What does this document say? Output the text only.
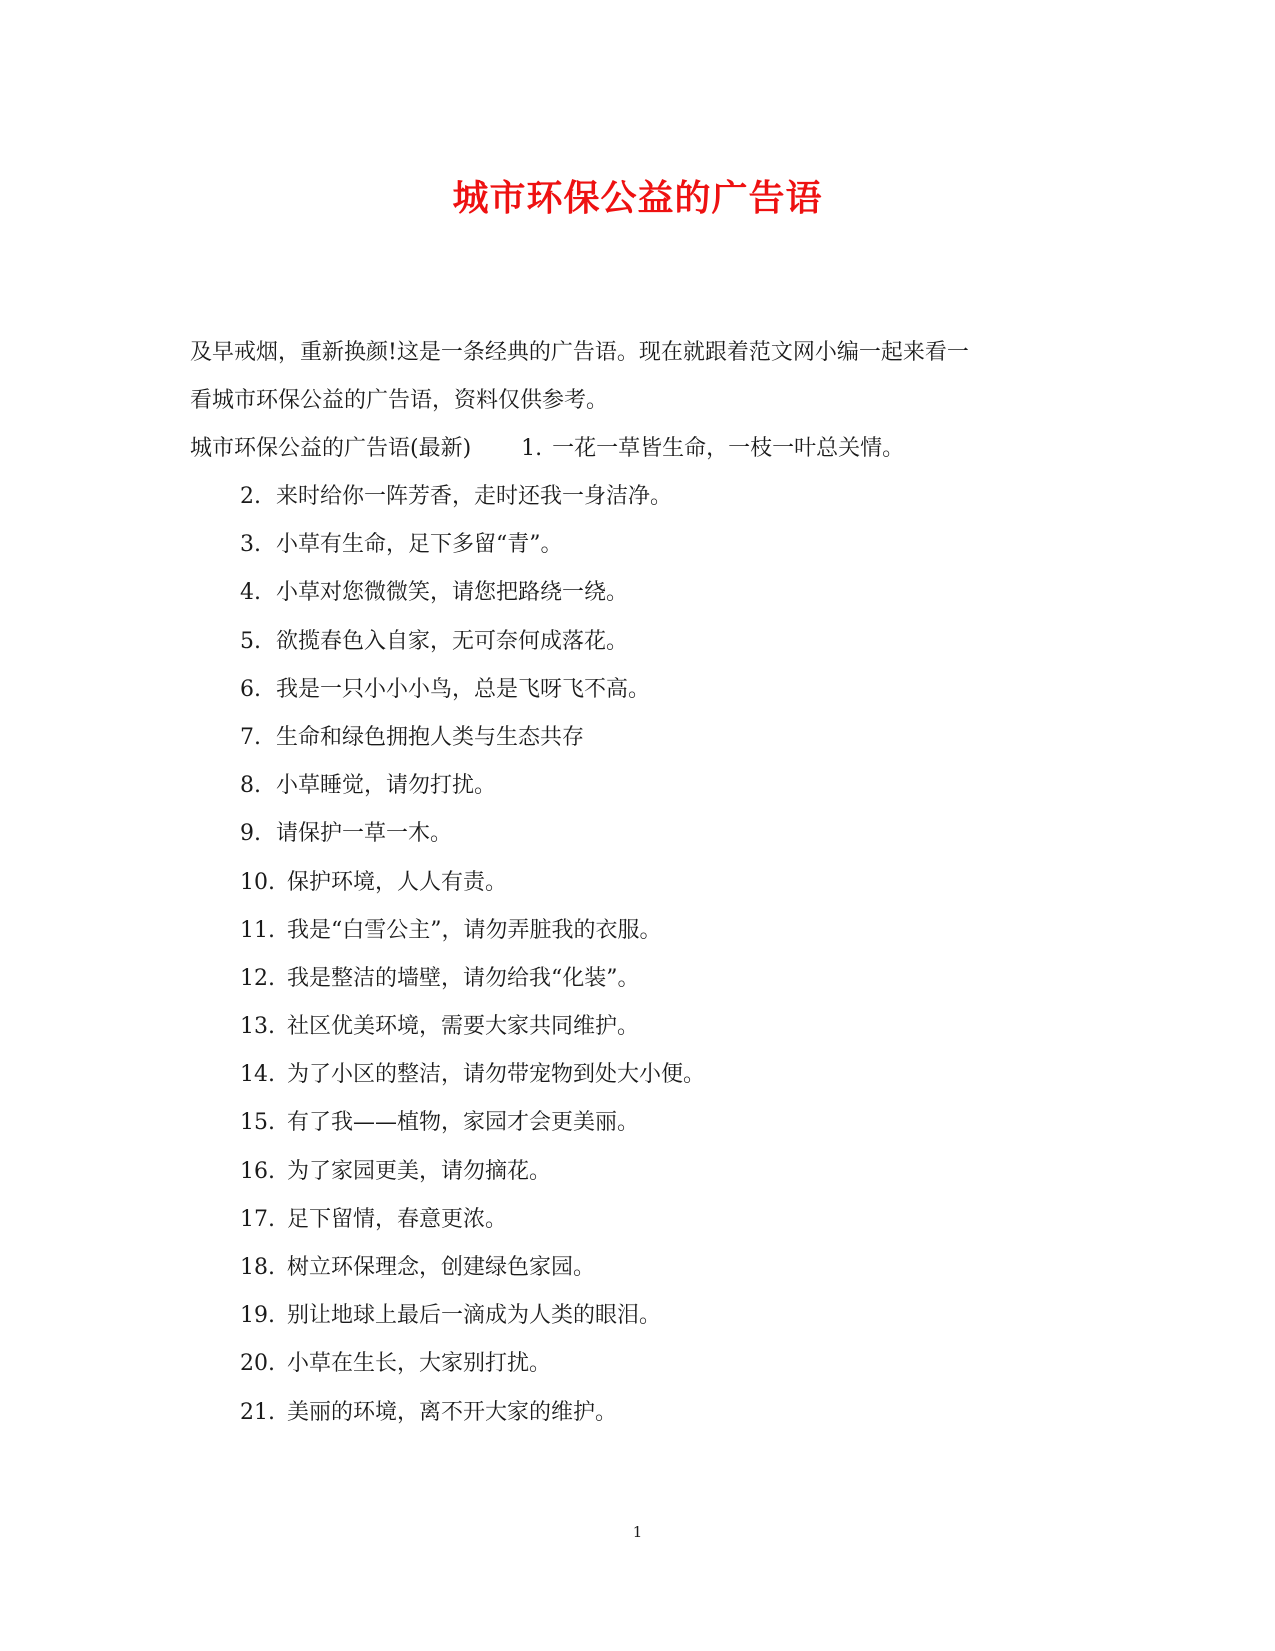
城市环保公益的广告语
及早戒烟，重新换颜!这是一条经典的广告语。现在就跟着范文网小编一起来看一
看城市环保公益的广告语，资料仅供参考。
城市环保公益的广告语(最新) 1. 一花一草皆生命，一枝一叶总关情。
2. 来时给你一阵芳香，走时还我一身洁净。
3. 小草有生命，足下多留“青”。
4. 小草对您微微笑，请您把路绕一绕。
5. 欲揽春色入自家，无可奈何成落花。
6. 我是一只小小小鸟，总是飞呀飞不高。
7. 生命和绿色拥抱人类与生态共存
8. 小草睡觉，请勿打扰。
9. 请保护一草一木。
10. 保护环境，人人有责。
11. 我是“白雪公主”，请勿弄脏我的衣服。
12. 我是整洁的墙壁，请勿给我“化装”。
13. 社区优美环境，需要大家共同维护。
14. 为了小区的整洁，请勿带宠物到处大小便。
15. 有了我——植物，家园才会更美丽。
16. 为了家园更美，请勿摘花。
17. 足下留情，春意更浓。
18. 树立环保理念，创建绿色家园。
19. 别让地球上最后一滴成为人类的眼泪。
20. 小草在生长，大家别打扰。
21. 美丽的环境，离不开大家的维护。
1
